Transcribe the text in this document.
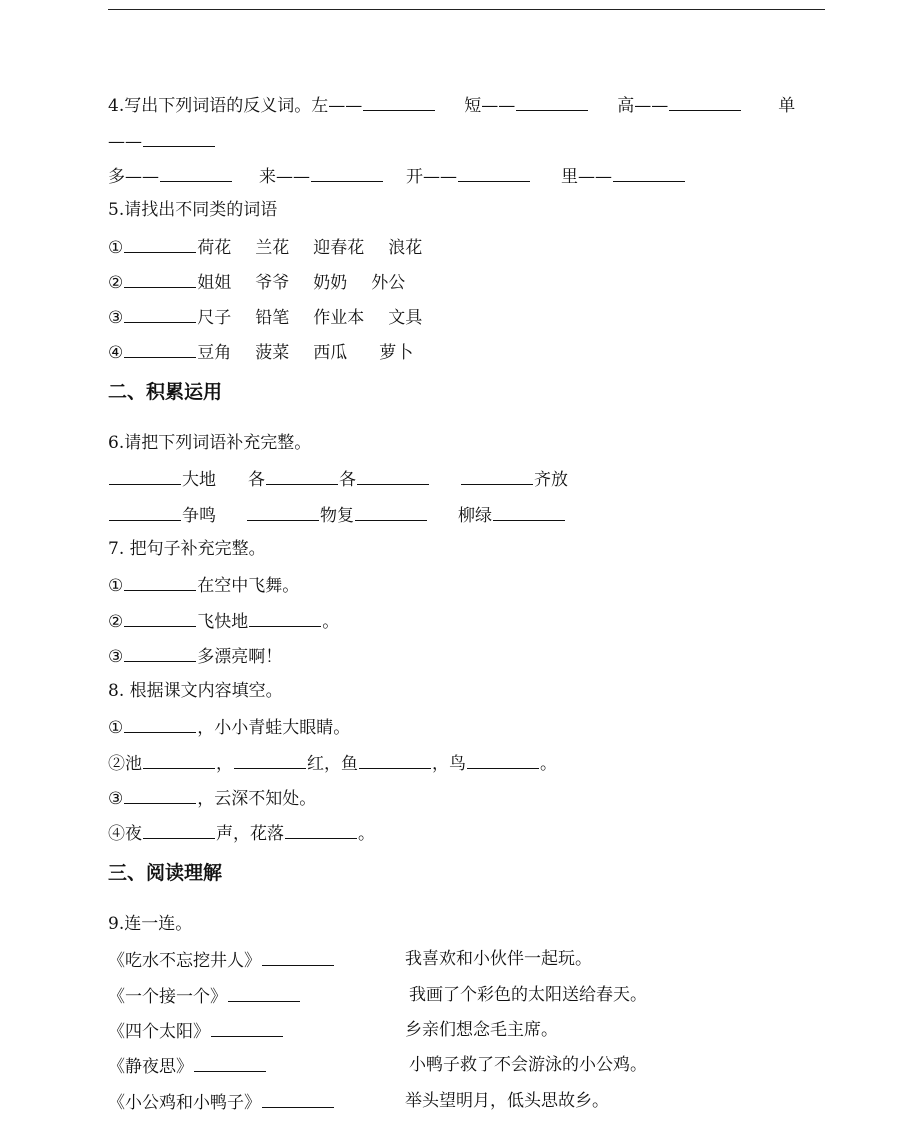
4.写出下列词语的反义词。左——	短——	高——	单
——
多——	来——	开——	里——
5.请找出不同类的词语
①	荷花 兰花 迎春花 浪花
②	姐姐 爷爷 奶奶 外公
③	尺子 铅笔 作业本 文具
④	豆角 菠菜 西瓜 萝卜
二、积累运用
6.请把下列词语补充完整。
大地 各	各	齐放
争鸣	物复	柳绿
7. 把句子补充完整。
①	在空中飞舞。
②	飞快地	。
③	多漂亮啊！
8. 根据课文内容填空。
①	，小小青蛙大眼睛。
②池	，	红，鱼	，鸟	。
③	，云深不知处。
④夜	声，花落	。
三、阅读理解
9.连一连。
《吃水不忘挖井人》	我喜欢和小伙伴一起玩。
《一个接一个》	我画了个彩色的太阳送给春天。
《四个太阳》	乡亲们想念毛主席。
《静夜思》	小鸭子救了不会游泳的小公鸡。
《小公鸡和小鸭子》	举头望明月，低头思故乡。
